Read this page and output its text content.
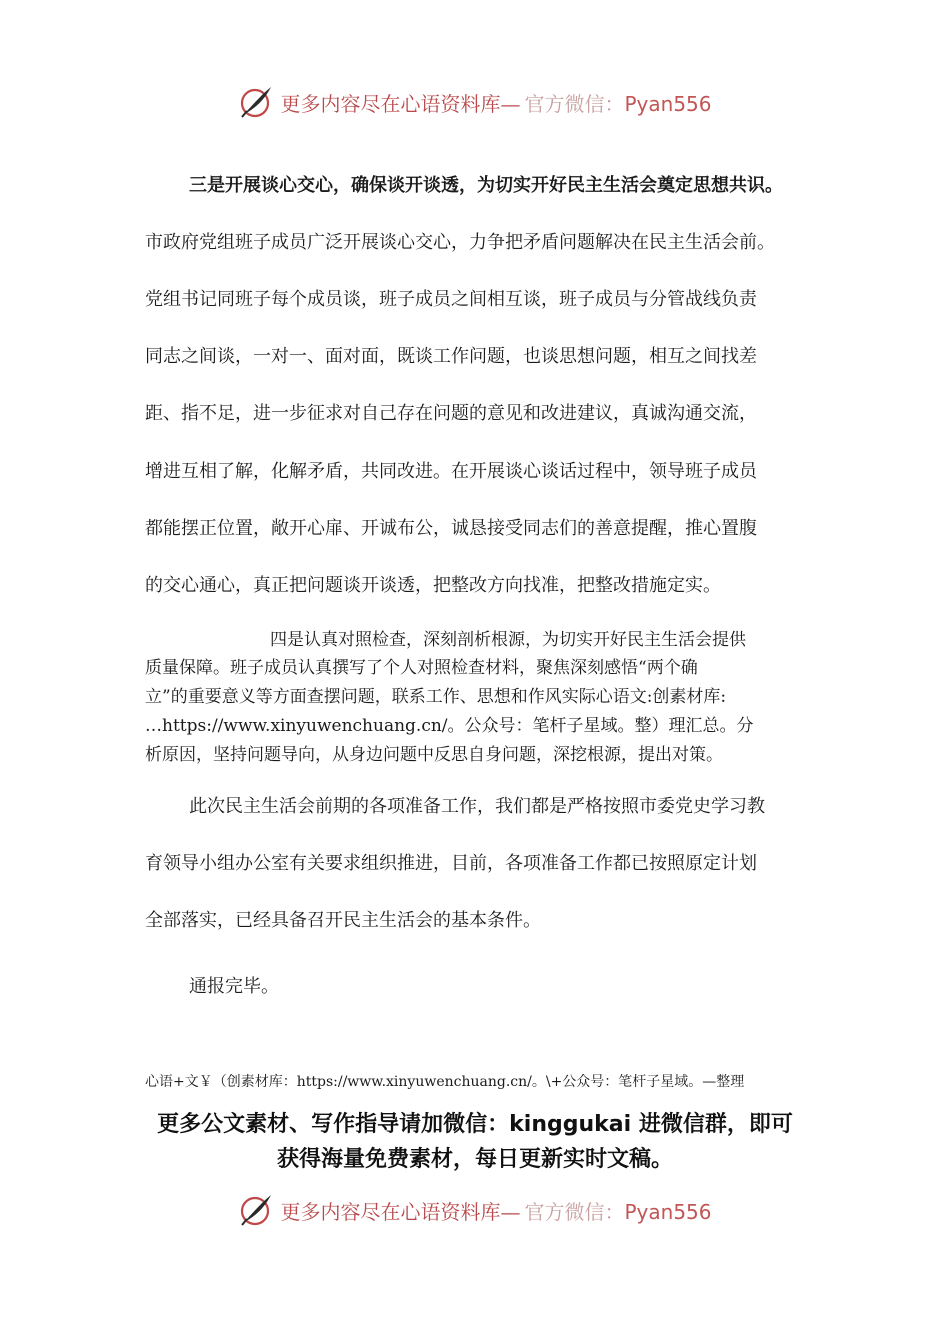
更多内容尽在心语资料库— 官方微信：Pyan556

三是开展谈心交心，确保谈开谈透，为切实开好民主生活会奠定思想共识。

市政府党组班子成员广泛开展谈心交心，力争把矛盾问题解决在民主生活会前。

党组书记同班子每个成员谈，班子成员之间相互谈，班子成员与分管战线负责

同志之间谈，一对一、面对面，既谈工作问题，也谈思想问题，相互之间找差

距、指不足，进一步征求对自己存在问题的意见和改进建议，真诚沟通交流，

增进互相了解，化解矛盾，共同改进。在开展谈心谈话过程中，领导班子成员

都能摆正位置，敞开心扉、开诚布公，诚恳接受同志们的善意提醒，推心置腹

的交心通心，真正把问题谈开谈透，把整改方向找准，把整改措施定实。

四是认真对照检查，深刻剖析根源，为切实开好民主生活会提供

质量保障。班子成员认真撰写了个人对照检查材料，聚焦深刻感悟“两个确

立”的重要意义等方面查摆问题，联系工作、思想和作风实际心语文:创素材库:

…https://www.xinyuwenchuang.cn/。公众号：笔杆子星域。整）理汇总。分

析原因，坚持问题导向，从身边问题中反思自身问题，深挖根源，提出对策。

此次民主生活会前期的各项准备工作，我们都是严格按照市委党史学习教

育领导小组办公室有关要求组织推进，目前，各项准备工作都已按照原定计划

全部落实，已经具备召开民主生活会的基本条件。

通报完毕。

心语+文￥（创素材库：https://www.xinyuwenchuang.cn/。\+公众号：笔杆子星域。—整理

更多公文素材、写作指导请加微信：kinggukai 进微信群，即可

获得海量免费素材，每日更新实时文稿。

更多内容尽在心语资料库— 官方微信：Pyan556
